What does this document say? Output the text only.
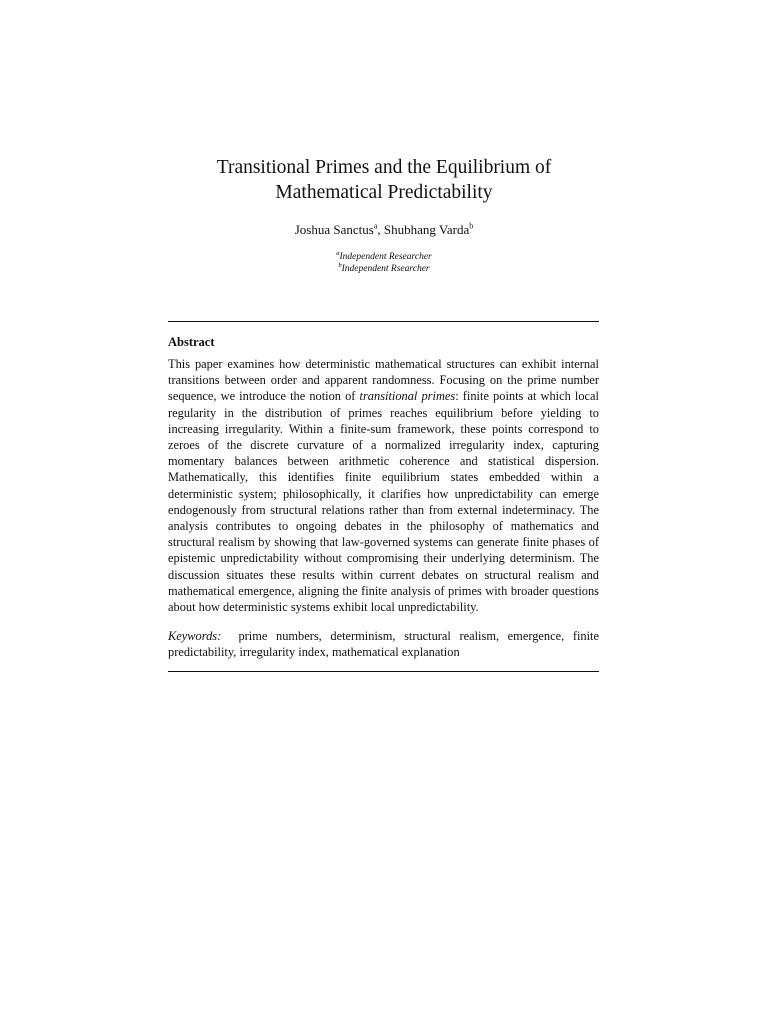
Transitional Primes and the Equilibrium of
Mathematical Predictability
Joshua Sanctus$^a$, Shubhang Varda$^b$
$^a$Independent Researcher
$^b$Independent Rsearcher
Abstract

This paper examines how deterministic mathematical structures can exhibit internal transitions between order and apparent randomness. Focusing on the prime number sequence, we introduce the notion of transitional primes: finite points at which local regularity in the distribution of primes reaches equilibrium before yielding to increasing irregularity. Within a finite-sum framework, these points correspond to zeroes of the discrete curvature of a normalized irregularity index, capturing momentary balances between arithmetic coherence and statistical dispersion. Mathematically, this identifies finite equilibrium states embedded within a deterministic system; philosophically, it clarifies how unpredictability can emerge endogenously from structural relations rather than from external indeterminacy. The analysis contributes to ongoing debates in the philosophy of mathematics and structural realism by showing that law-governed systems can generate finite phases of epistemic unpredictability without compromising their underlying determinism. The discussion situates these results within current debates on structural realism and mathematical emergence, aligning the finite analysis of primes with broader questions about how deterministic systems exhibit local unpredictability.

Keywords: prime numbers, determinism, structural realism, emergence, finite predictability, irregularity index, mathematical explanation
